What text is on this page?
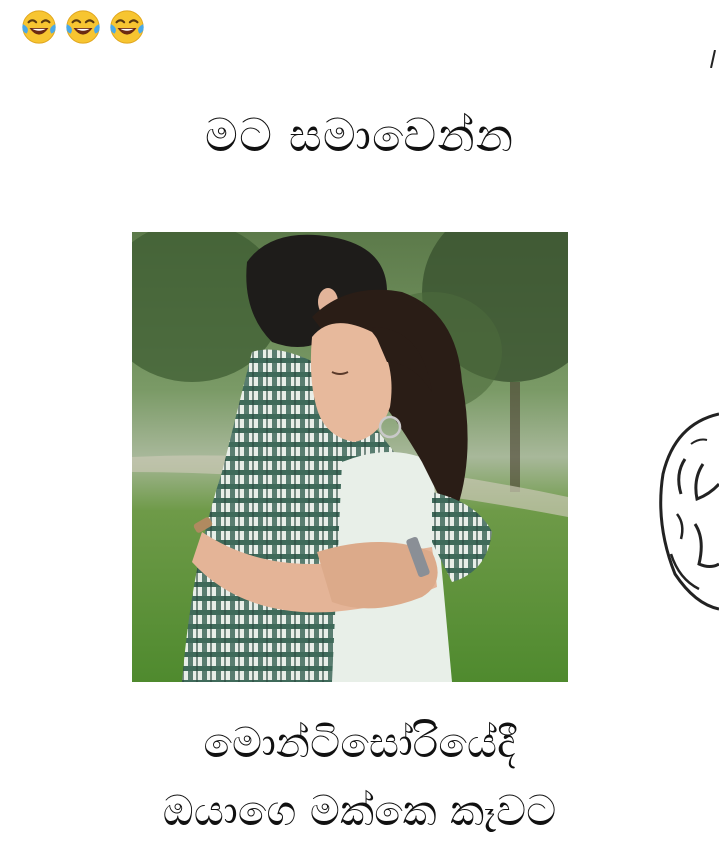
මට සමාවෙන්න
මොන්ටිසෝරියේදී
ඔයාගෙ මක්කෙ කෑවට
